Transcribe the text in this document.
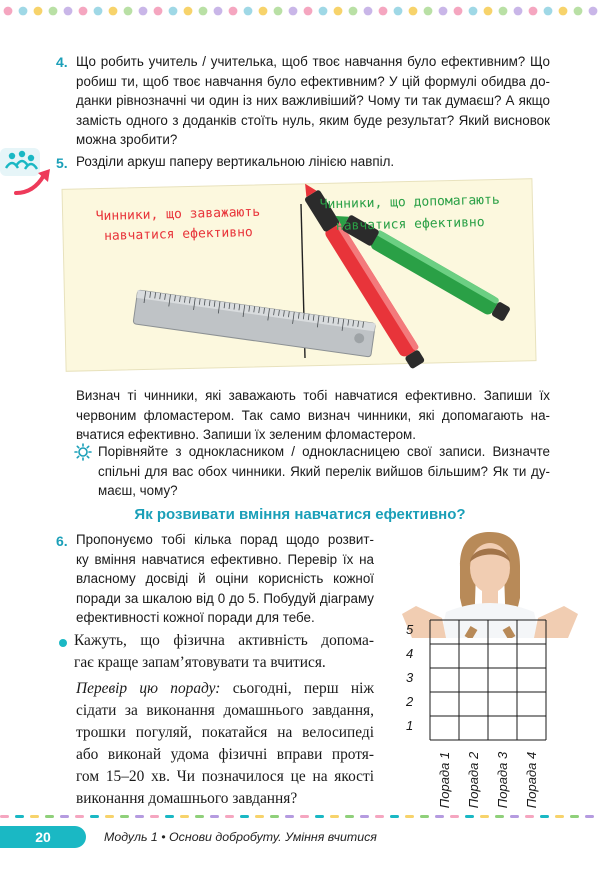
4. Що робить учитель / учителька, щоб твоє навчання було ефективним? Що
робиш ти, щоб твоє навчання було ефективним? У цій формулі обидва до-
данки рівнозначні чи один із них важливіший? Чому ти так думаєш? А якщо
замість одного з доданків стоїть нуль, яким буде результат? Який висновок
можна зробити?
5. Розділи аркуш паперу вертикальною лінією навпіл.
Чинники, що заважають
навчатися ефективно
Чинники, що допомагають
навчатися ефективно
Визнач ті чинники, які заважають тобі навчатися ефективно. Запиши їх
червоним фломастером. Так само визнач чинники, які допомагають на-
вчатися ефективно. Запиши їх зеленим фломастером.
Порівняйте з однокласником / однокласницею свої записи. Визначте
спільні для вас обох чинники. Який перелік вийшов більшим? Як ти ду-
маєш, чому?
Як розвивати вміння навчатися ефективно?
6. Пропонуємо тобі кілька порад щодо розвит-
ку вміння навчатися ефективно. Перевір їх на
власному досвіді й оціни корисність кожної
поради за шкалою від 0 до 5. Побудуй діаграму
ефективності кожної поради для тебе.
Кажуть, що фізична активність допома-
гає краще запам’ятовувати та вчитися.
Перевір цю пораду: сьогодні, перш ніж
сідати за виконання домашнього завдання,
трошки погуляй, покатайся на велосипеді
або виконай удома фізичні вправи протя-
гом 15–20 хв. Чи позначилося це на якості
виконання домашнього завдання?
5
4
3
2
1
Порада 1 Порада 2 Порада 3 Порада 4
20	Модуль 1 • Основи добробуту. Уміння вчитися
